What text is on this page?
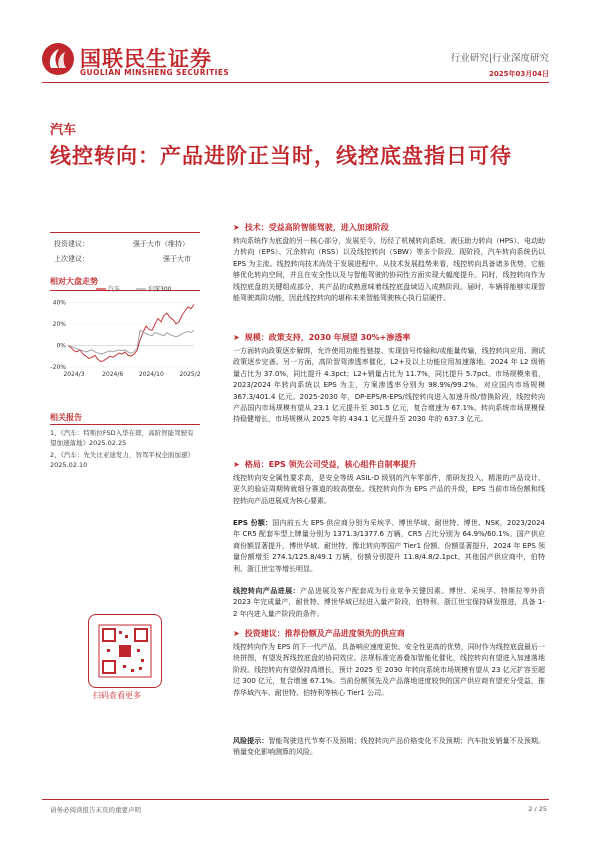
国联民生证券
GUOLIAN MINSHENG SECURITIES
行业研究|行业深度研究
2025年03月04日
汽车
线控转向：产品进阶正当时，线控底盘指日可待
投资建议：	强于大市（维持）
上次建议：	强于大市
相对大盘走势
40%
20%
0%
-20%
2024/3	2024/6	2024/10	2025/2
汽车	沪深300
相关报告
1、《汽车：特斯拉FSD入华在即，高阶智能驾驶有望加速落地》2025.02.25
2、《汽车：先失比亚迪发力，智驾平权全面加速》2025.02.10
扫码查看更多
➤ 技术：受益高阶智能驾驶，进入加速阶段
转向系统作为底盘的另一核心部分，发展至今，历经了机械转向系统、液压助力转向（HPS）、电动助力转向（EPS）、冗余转向（RSS）以及线控转向（SBW）等多个阶段。现阶段，汽车转向系统仍以 EPS 为主流。线控转向技术尚处于发展进程中。从技术发展趋势来看，线控转向具备诸多优势，它能够优化转向空间，并且在安全性以及与智能驾驶的协同性方面实现大幅度提升。同时，线控转向作为线控底盘的关键组成部分，其产品的成熟意味着线控底盘域迈入成熟阶段。届时，车辆将能够实现智能驾驶高阶功能，因此线控转向的堪称未来智能驾驶核心执行层硬件。
➤ 规模：政策支持，2030 年展望 30%+渗透率
一方面转向政策逐步解绑，允许使用功能性链接、实现信号传输和/或能量传输，线控转向应用、测试政策逐步完善。另一方面，高阶智驾渗透率催化，L2+及以上功能应用加速落地。2024 年 L2 级销量占比为 37.0%，同比提升 4.3pct；L2+销量占比为 11.7%，同比提升 5.7pct。市场规模来看，2023/2024 年转向系统以 EPS 为主，方案渗透率分别为 98.9%/99.2%，对应国内市场规模 367.3/401.4 亿元。2025-2030 年，DP-EPS/R-EPS/线控转向进入加速升级/替换阶段，线控转向产品国内市场规模有望从 23.1 亿元提升至 301.5 亿元，复合增速为 67.1%。转向系统市场规模保持稳健增长，市场规模从 2025 年的 434.1 亿元提升至 2030 年的 637.3 亿元。
➤ 格局：EPS 领先公司受益，核心组件自制率提升
线控转向安全属性要求高，是安全等级 ASIL-D 级别的汽车零部件，需研发投入、精准的产品设计、更久的验证周期铸就细分赛道的较高壁垒。线控转向作为 EPS 产品的升级，EPS 当前市场份额和线控转向产品进展成为核心要素。
EPS 份额：国内前五大 EPS 供应商分别为采埃孚、博世华域、耐世特、博世、NSK，2023/2024 年 CR5 配套车型上牌量分别为 1371.3/1377.6 万辆，CR5 占比分别为 64.9%/60.1%。国产供应商份额显著提升，博世华域、耐世特、豫北转向等国产 Tier1 份额、份额显著提升，2024 年 EPS 领量份额增至 274.1/125.8/49.1 万辆，份额分别提升 11.8/4.8/2.1pct。其他国产供应商中，伯特利、浙江世宝等增长明显。
线控转向产品进展：产品进展及客户配套成为行业竞争关键因素。博世、采埃孚、特斯拉等外资 2023 年完成量产，耐世特、博世华域已经进入量产阶段，伯特利、浙江世宝保持研发推进，具备 1-2 年内进入量产阶段的条件。
➤ 投资建议：推荐份额及产品进度领先的供应商
线控转向作为 EPS 的下一代产品，具备响应速度更快、安全性更高的优势，同时作为线控底盘最后一块拼图，有望发挥线控底盘的协同效应。法规标准完善叠加智能化催化，线控转向有望进入加速落地阶段。线控转向有望保持高增长，预计 2025 至 2030 年转向系统市场规模有望从 23 亿元扩容至超过 300 亿元，复合增速 67.1%。当前份额领先及产品落地进度较快的国产供应商有望充分受益，推荐华域汽车、耐世特、伯特利等核心 Tier1 公司。
风险提示：智能驾驶迭代节奏不及预期；线控转向产品价格变化不及预期；汽车批发销量不及预期。销量变化影响测算的风险。
请务必阅读报告末页的重要声明	2 / 25
